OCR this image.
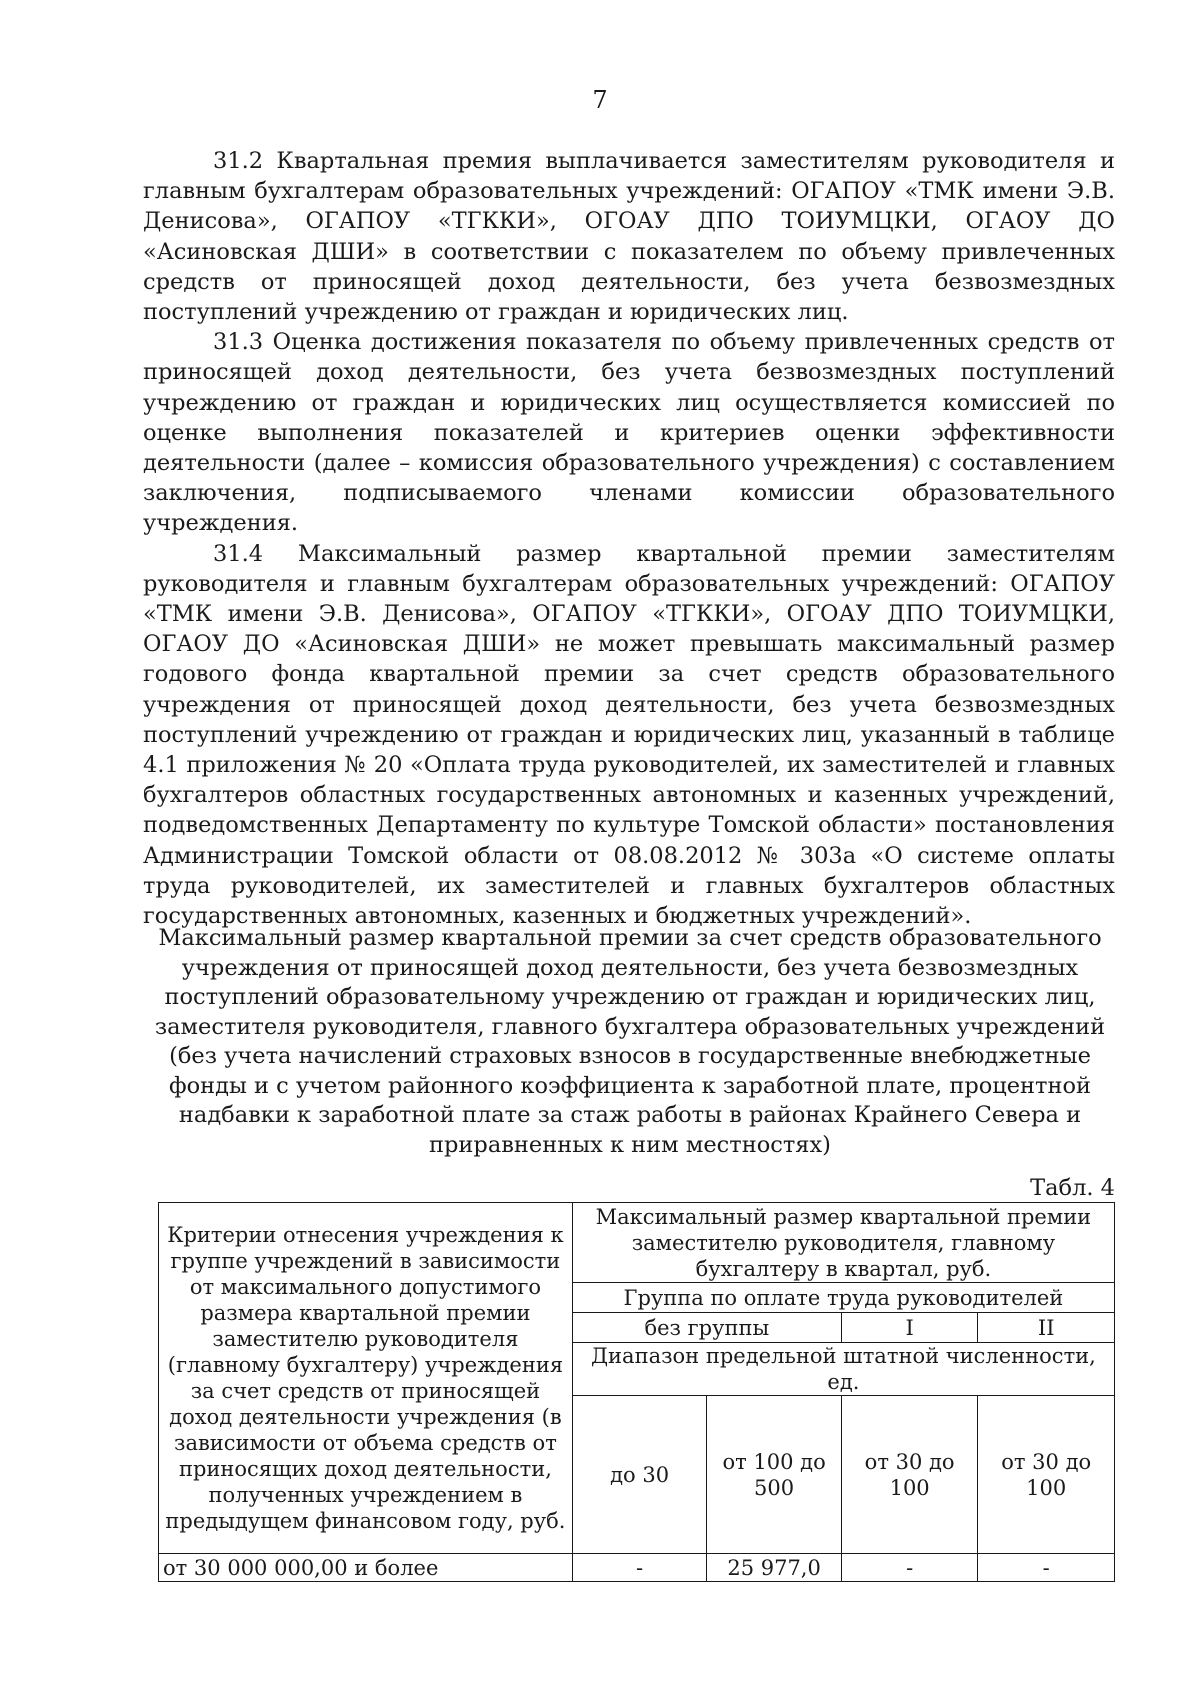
7

31.2 Квартальная премия выплачивается заместителям руководителя и главным бухгалтерам образовательных учреждений: ОГАПОУ «ТМК имени Э.В. Денисова», ОГАПОУ «ТГККИ», ОГОАУ ДПО ТОИУМЦКИ, ОГАОУ ДО «Асиновская ДШИ» в соответствии с показателем по объему привлеченных средств от приносящей доход деятельности, без учета безвозмездных поступлений учреждению от граждан и юридических лиц.

31.3 Оценка достижения показателя по объему привлеченных средств от приносящей доход деятельности, без учета безвозмездных поступлений учреждению от граждан и юридических лиц осуществляется комиссией по оценке выполнения показателей и критериев оценки эффективности деятельности (далее – комиссия образовательного учреждения) с составлением заключения, подписываемого членами комиссии образовательного учреждения.

31.4 Максимальный размер квартальной премии заместителям руководителя и главным бухгалтерам образовательных учреждений: ОГАПОУ «ТМК имени Э.В. Денисова», ОГАПОУ «ТГККИ», ОГОАУ ДПО ТОИУМЦКИ, ОГАОУ ДО «Асиновская ДШИ» не может превышать максимальный размер годового фонда квартальной премии за счет средств образовательного учреждения от приносящей доход деятельности, без учета безвозмездных поступлений учреждению от граждан и юридических лиц, указанный в таблице 4.1 приложения № 20 «Оплата труда руководителей, их заместителей и главных бухгалтеров областных государственных автономных и казенных учреждений, подведомственных Департаменту по культуре Томской области» постановления Администрации Томской области от 08.08.2012 № 303а «О системе оплаты труда руководителей, их заместителей и главных бухгалтеров областных государственных автономных, казенных и бюджетных учреждений».

Максимальный размер квартальной премии за счет средств образовательного учреждения от приносящей доход деятельности, без учета безвозмездных поступлений образовательному учреждению от граждан и юридических лиц, заместителя руководителя, главного бухгалтера образовательных учреждений (без учета начислений страховых взносов в государственные внебюджетные фонды и с учетом районного коэффициента к заработной плате, процентной надбавки к заработной плате за стаж работы в районах Крайнего Севера и приравненных к ним местностях)
Табл. 4
Критерии отнесения учреждения к группе учреждений в зависимости от максимального допустимого размера квартальной премии заместителю руководителя (главному бухгалтеру) учреждения за счет средств от приносящей доход деятельности учреждения (в зависимости от объема средств от приносящих доход деятельности, полученных учреждением в предыдущем финансовом году, руб.	Максимальный размер квартальной премии заместителю руководителя, главному бухгалтеру в квартал, руб.			
	Группа по оплате труда руководителей			
	без группы		I	II
	Диапазон предельной штатной численности, ед.			
	до 30	от 100 до 500	от 30 до 100	от 30 до 100
от 30 000 000,00 и более	-	25 977,0	-	-
